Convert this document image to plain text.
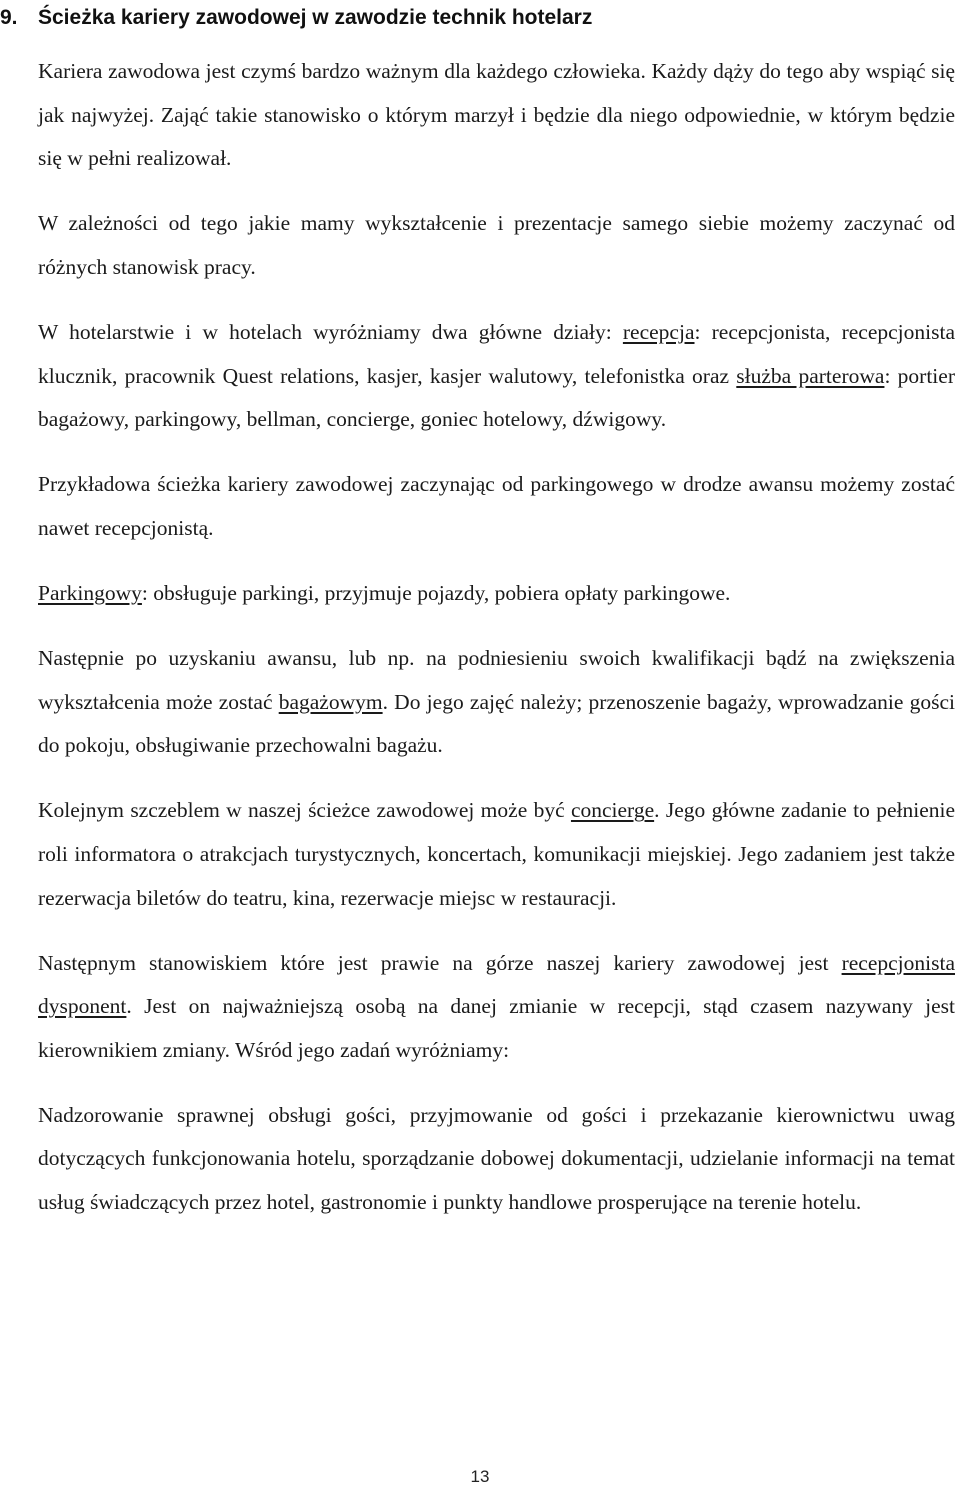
9. Ścieżka kariery zawodowej w zawodzie technik hotelarz

Kariera zawodowa jest czymś bardzo ważnym dla każdego człowieka. Każdy dąży do tego aby wspiąć się jak najwyżej. Zająć takie stanowisko o którym marzył i będzie dla niego odpowiednie, w którym będzie się w pełni realizował.

W zależności od tego jakie mamy wykształcenie i prezentacje samego siebie możemy zaczynać od różnych stanowisk pracy.

W hotelarstwie i w hotelach wyróżniamy dwa główne działy: recepcja: recepcjonista, recepcjonista klucznik, pracownik Quest relations, kasjer, kasjer walutowy, telefonistka oraz służba parterowa: portier bagażowy, parkingowy, bellman, concierge, goniec hotelowy, dźwigowy.

Przykładowa ścieżka kariery zawodowej zaczynając od parkingowego w drodze awansu możemy zostać nawet recepcjonistą.

Parkingowy: obsługuje parkingi, przyjmuje pojazdy, pobiera opłaty parkingowe.

Następnie po uzyskaniu awansu, lub np. na podniesieniu swoich kwalifikacji bądź na zwiększenia wykształcenia może zostać bagażowym. Do jego zajęć należy; przenoszenie bagaży, wprowadzanie gości do pokoju, obsługiwanie przechowalni bagażu.

Kolejnym szczeblem w naszej ścieżce zawodowej może być concierge. Jego główne zadanie to pełnienie roli informatora o atrakcjach turystycznych, koncertach, komunikacji miejskiej. Jego zadaniem jest także rezerwacja biletów do teatru, kina, rezerwacje miejsc w restauracji.

Następnym stanowiskiem które jest prawie na górze naszej kariery zawodowej jest recepcjonista dysponent. Jest on najważniejszą osobą na danej zmianie w recepcji, stąd czasem nazywany jest kierownikiem zmiany. Wśród jego zadań wyróżniamy:

Nadzorowanie sprawnej obsługi gości, przyjmowanie od gości i przekazanie kierownictwu uwag dotyczących funkcjonowania hotelu, sporządzanie dobowej dokumentacji, udzielanie informacji na temat usług świadczących przez hotel, gastronomie i punkty handlowe prosperujące na terenie hotelu.

13
